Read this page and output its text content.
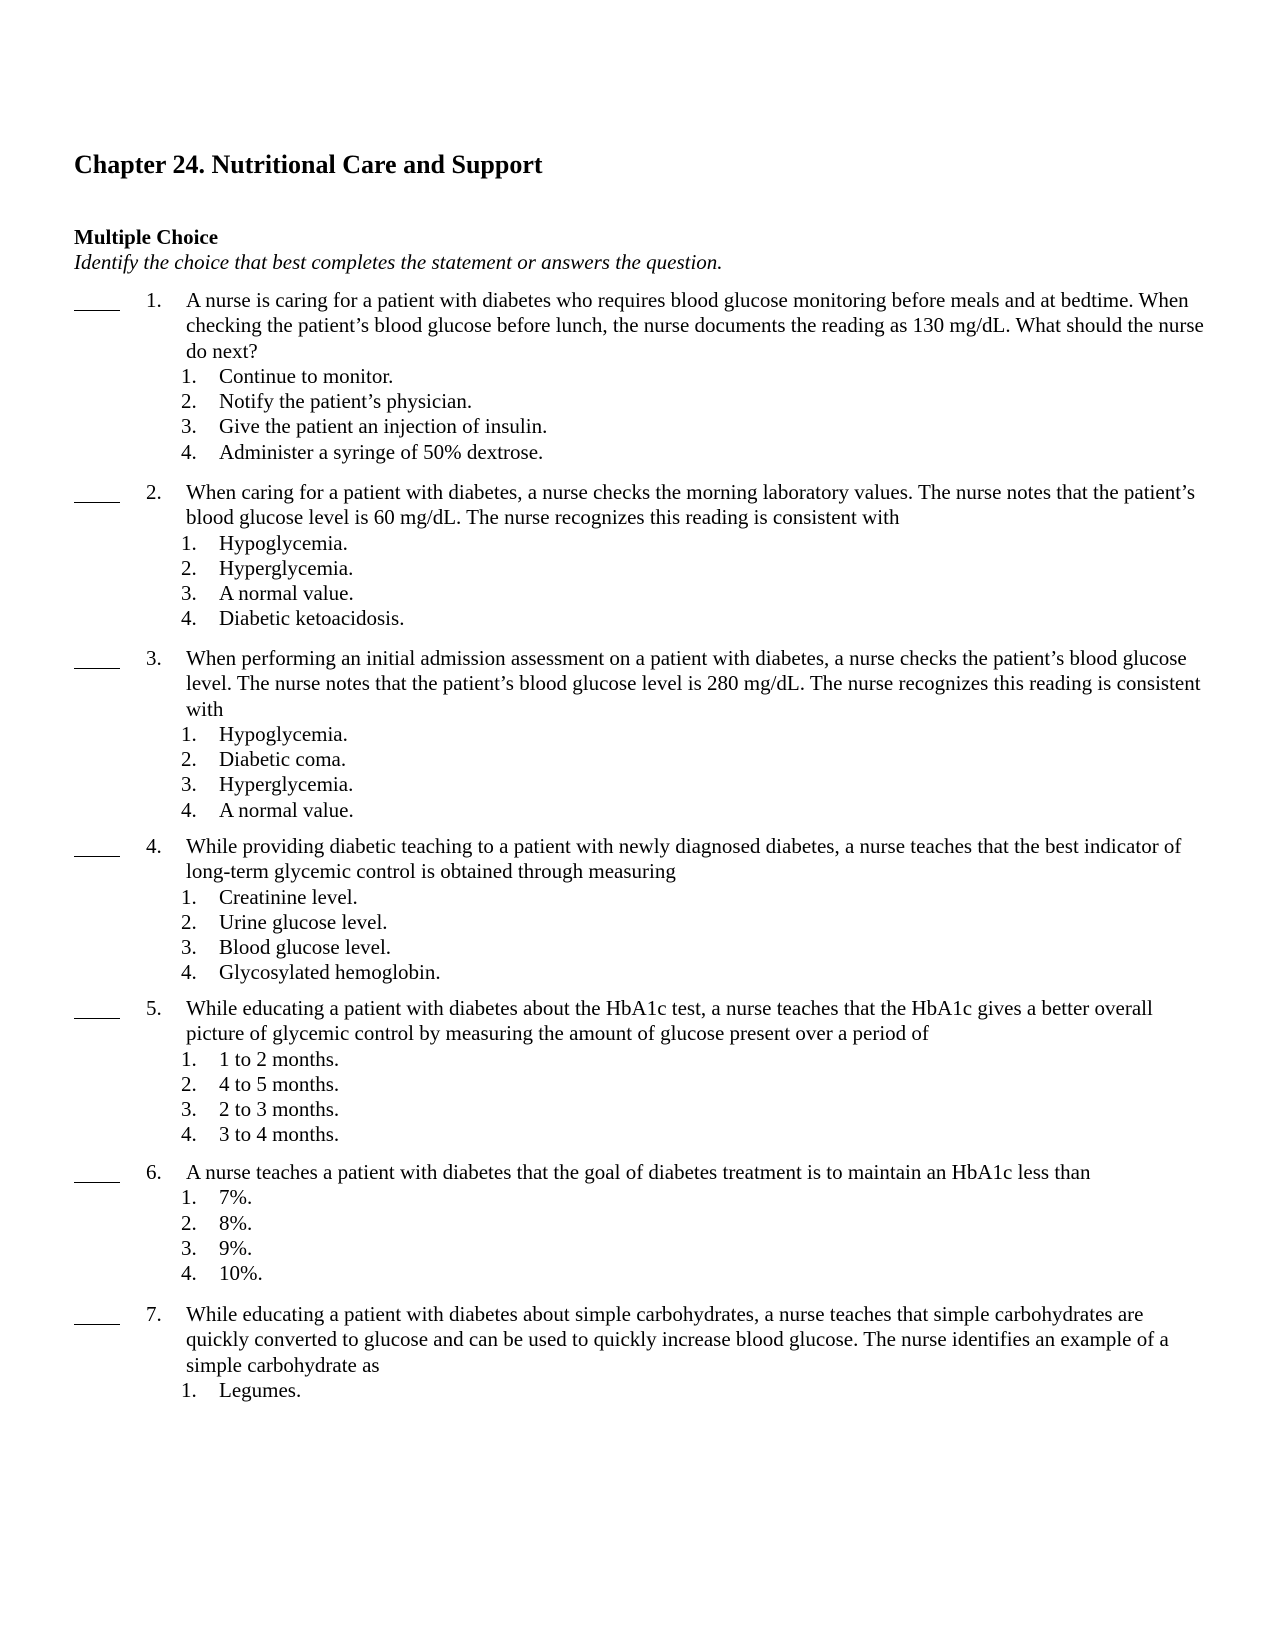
Chapter 24. Nutritional Care and Support
Multiple Choice

Identify the choice that best completes the statement or answers the question.

1.	A nurse is caring for a patient with diabetes who requires blood glucose monitoring before meals and at bedtime. When checking the patient’s blood glucose before lunch, the nurse documents the reading as 130 mg/dL. What should the nurse do next?

1. Continue to monitor.
2. Notify the patient’s physician.
3. Give the patient an injection of insulin.
4. Administer a syringe of 50% dextrose.
2.	When caring for a patient with diabetes, a nurse checks the morning laboratory values. The nurse notes that the patient’s blood glucose level is 60 mg/dL. The nurse recognizes this reading is consistent with

1. Hypoglycemia.
2. Hyperglycemia.
3. A normal value.
4. Diabetic ketoacidosis.
3.	When performing an initial admission assessment on a patient with diabetes, a nurse checks the patient’s blood glucose level. The nurse notes that the patient’s blood glucose level is 280 mg/dL. The nurse recognizes this reading is consistent with

1. Hypoglycemia.
2. Diabetic coma.
3. Hyperglycemia.
4. A normal value.
4.	While providing diabetic teaching to a patient with newly diagnosed diabetes, a nurse teaches that the best indicator of long-term glycemic control is obtained through measuring

1. Creatinine level.
2. Urine glucose level.
3. Blood glucose level.
4. Glycosylated hemoglobin.
5.	While educating a patient with diabetes about the HbA1c test, a nurse teaches that the HbA1c gives a better overall picture of glycemic control by measuring the amount of glucose present over a period of

1. 1 to 2 months.
2. 4 to 5 months.
3. 2 to 3 months.
4. 3 to 4 months.
6.	A nurse teaches a patient with diabetes that the goal of diabetes treatment is to maintain an HbA1c less than

1. 7%.
2. 8%.
3. 9%.
4. 10%.
7.	While educating a patient with diabetes about simple carbohydrates, a nurse teaches that simple carbohydrates are quickly converted to glucose and can be used to quickly increase blood glucose. The nurse identifies an example of a simple carbohydrate as

1. Legumes.
